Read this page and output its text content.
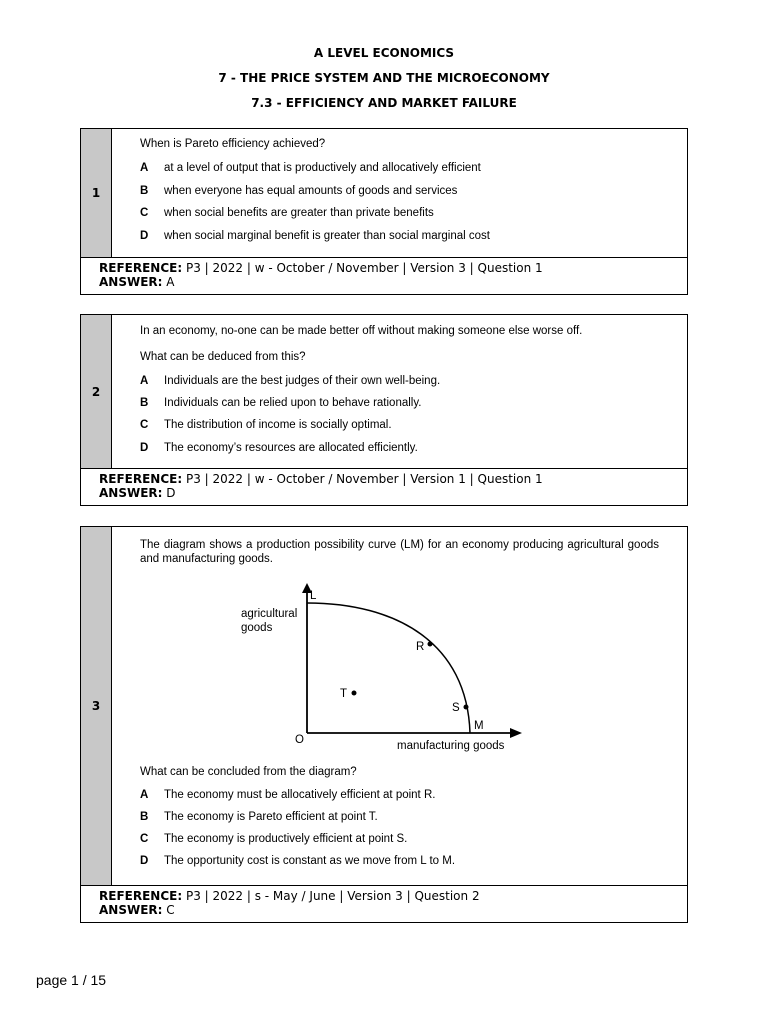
A LEVEL ECONOMICS
7 - THE PRICE SYSTEM AND THE MICROECONOMY
7.3 - EFFICIENCY AND MARKET FAILURE
1
When is Pareto efficiency achieved?
A at a level of output that is productively and allocatively efficient
B when everyone has equal amounts of goods and services
C when social benefits are greater than private benefits
D when social marginal benefit is greater than social marginal cost
REFERENCE: P3 | 2022 | w - October / November | Version 3 | Question 1
ANSWER: A
2
In an economy, no-one can be made better off without making someone else worse off.
What can be deduced from this?
A Individuals are the best judges of their own well-being.
B Individuals can be relied upon to behave rationally.
C The distribution of income is socially optimal.
D The economy’s resources are allocated efficiently.
REFERENCE: P3 | 2022 | w - October / November | Version 1 | Question 1
ANSWER: D
3
The diagram shows a production possibility curve (LM) for an economy producing agricultural goods and manufacturing goods.
L
R
S
T
M
O
agricultural
goods
manufacturing goods
What can be concluded from the diagram?
A The economy must be allocatively efficient at point R.
B The economy is Pareto efficient at point T.
C The economy is productively efficient at point S.
D The opportunity cost is constant as we move from L to M.
REFERENCE: P3 | 2022 | s - May / June | Version 3 | Question 2
ANSWER: C
page 1 / 15
